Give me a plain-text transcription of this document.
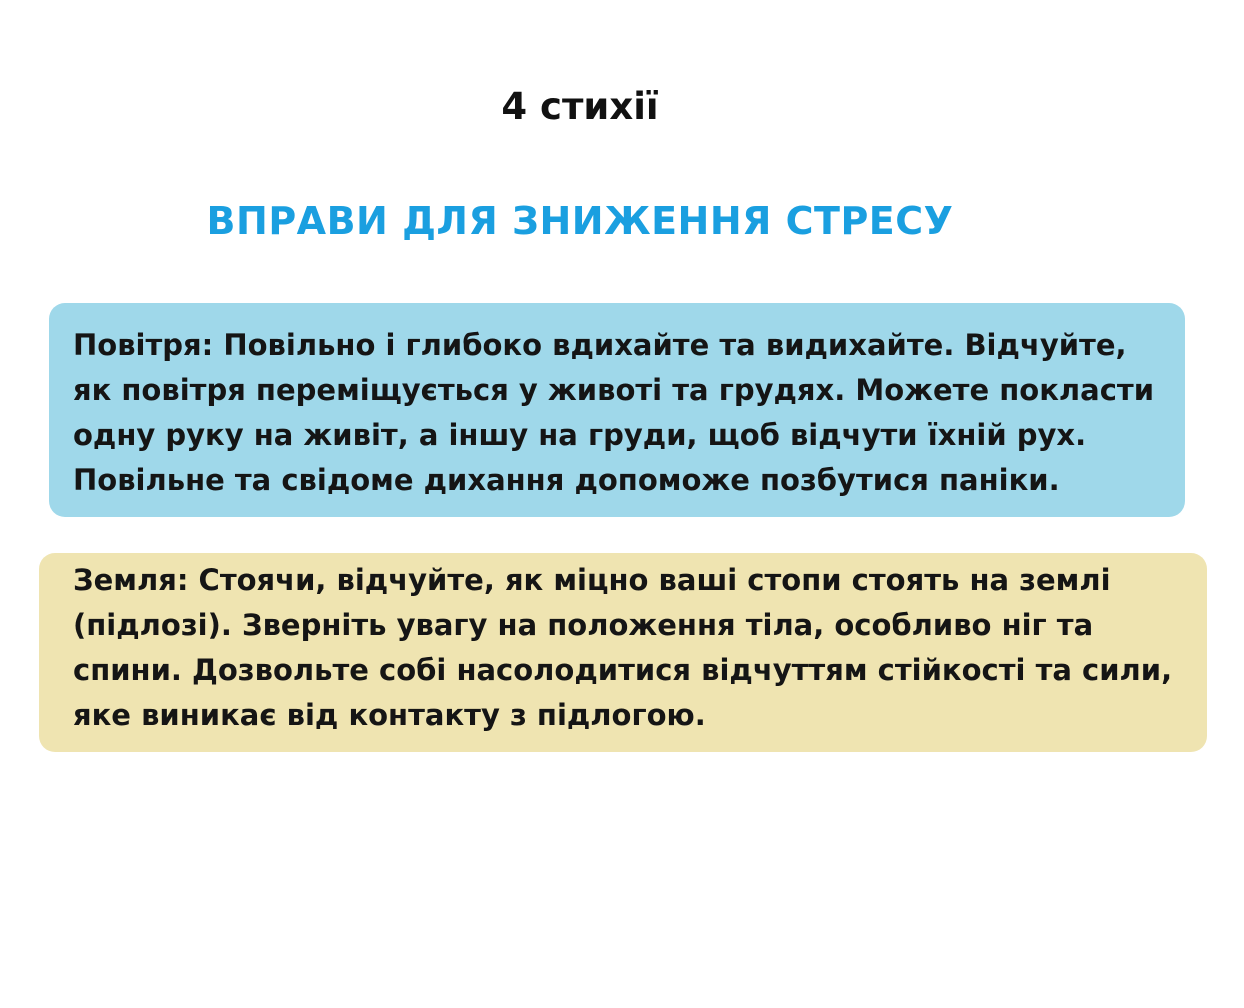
4 стихії
ВПРАВИ ДЛЯ ЗНИЖЕННЯ СТРЕСУ

Повітря: Повільно і глибоко вдихайте та видихайте. Відчуйте, як повітря переміщується у животі та грудях. Можете покласти одну руку на живіт, а іншу на груди, щоб відчути їхній рух. Повільне та свідоме дихання допоможе позбутися паніки.

Земля: Стоячи, відчуйте, як міцно ваші стопи стоять на землі (підлозі). Зверніть увагу на положення тіла, особливо ніг та спини. Дозвольте собі насолодитися відчуттям стійкості та сили, яке виникає від контакту з підлогою.
